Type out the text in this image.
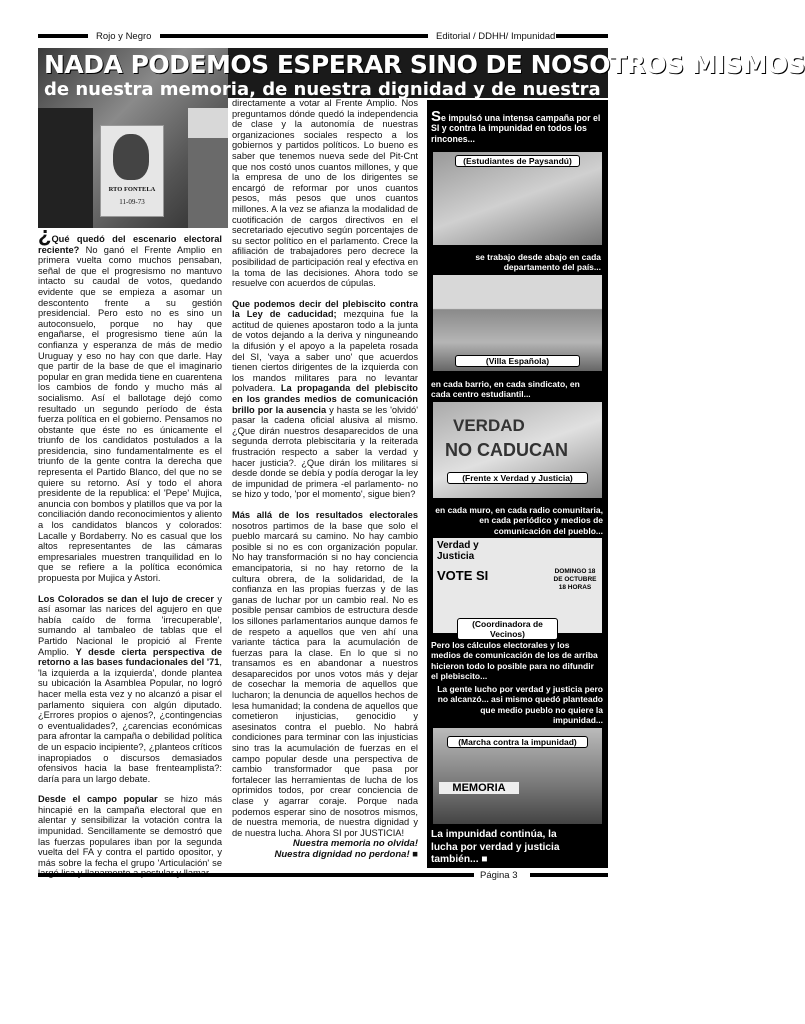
Rojo y Negro	Editorial / DDHH/ Impunidad
RTO FONTELA
11-09-73
NADA PODEMOS ESPERAR SINO DE NOSOTROS MISMOS
de nuestra memoria, de nuestra dignidad y de nuestra lucha

¿Qué quedó del escenario electoral reciente? No ganó el Frente Amplio en primera vuelta como muchos pensaban, señal de que el progresismo no mantuvo intacto su caudal de votos, quedando evidente que se empieza a asomar un descontento frente a su gestión presidencial. Pero esto no es sino un autoconsuelo, porque no hay que engañarse, el progresismo tiene aún la confianza y esperanza de más de medio Uruguay y eso no hay con que darle. Hay que partir de la base de que el imaginario popular en gran medida tiene en cuarentena los cambios de fondo y mucho más al socialismo. Así el ballotage dejó como resultado un segundo período de ésta fuerza política en el gobierno. Pensamos no obstante que éste no es únicamente el triunfo de los candidatos postulados a la presidencia, sino fundamentalmente es el triunfo de la gente contra la derecha que representa el Partido Blanco, del que no se quiere su retorno. Así y todo el ahora presidente de la republica: el 'Pepe' Mujica, anuncia con bombos y platillos que va por la conciliación dando reconocimientos y aliento a los candidatos blancos y colorados: Lacalle y Bordaberry. No es casual que los altos representantes de las cámaras empresariales muestren tranquilidad en lo que se refiere a la política económica propuesta por Mujica y Astori.

Los Colorados se dan el lujo de crecer y así asomar las narices del agujero en que había caído de forma 'irrecuperable', sumando al tambaleo de tablas que el Partido Nacional le propició al Frente Amplio. Y desde cierta perspectiva de retorno a las bases fundacionales del '71, 'la izquierda a la izquierda', donde plantea su ubicación la Asamblea Popular, no logró hacer mella esta vez y no alcanzó a pisar el parlamento siquiera con algún diputado. ¿Errores propios o ajenos?, ¿contingencias o eventualidades?, ¿carencias económicas para afrontar la campaña o debilidad política de un espacio incipiente?, ¿planteos críticos inapropiados o discursos demasiados ofensivos hacia la base frenteamplista?: daría para un largo debate.

Desde el campo popular se hizo más hincapié en la campaña electoral que en alentar y sensibilizar la votación contra la impunidad. Sencillamente se demostró que las fuerzas populares iban por la segunda vuelta del FA y contra el partido opositor, y más sobre la fecha el grupo 'Articulación' se

directamente a votar al Frente Amplio. Nos preguntamos dónde quedó la independencia de clase y la autonomía de nuestras organizaciones sociales respecto a los gobiernos y partidos políticos. Lo bueno es saber que tenemos nueva sede del Pit-Cnt que nos costó unos cuantos millones, y que la empresa de uno de los dirigentes se encargó de reformar por unos cuantos pesos, más pesos que unos cuantos millones. A la vez se afianza la modalidad de cuotificación de cargos directivos en el secretariado ejecutivo según porcentajes de su sector político en el parlamento. Crece la afiliación de trabajadores pero decrece la posibilidad de participación real y efectiva en la toma de las decisiones. Ahora todo se resuelve con acuerdos de cúpulas.

Que podemos decir del plebiscito contra la Ley de caducidad; mezquina fue la actitud de quienes apostaron todo a la junta de votos dejando a la deriva y ninguneando la difusión y el apoyo a la papeleta rosada del SI, 'vaya a saber uno' que acuerdos tienen ciertos dirigentes de la izquierda con los mandos militares para no levantar polvadera. La propaganda del plebiscito en los grandes medios de comunicación brillo por la ausencia y hasta se les 'olvidó' pasar la cadena oficial alusiva al mismo. ¿Que dirán nuestros desaparecidos de una segunda derrota plebiscitaria y la reiterada frustración respecto a saber la verdad y hacer justicia?. ¿Que dirán los militares si desde donde se debía y podía derogar la ley de impunidad de primera -el parlamento- no se hizo y todo, 'por el momento', sigue bien?

Más allá de los resultados electorales nosotros partimos de la base que solo el pueblo marcará su camino. No hay cambio posible si no es con organización popular. No hay transformación si no hay conciencia emancipatoria, si no hay retorno de la cultura obrera, de la solidaridad, de la confianza en las propias fuerzas y de las ganas de luchar por un cambio real. No es posible pensar cambios de estructura desde los sillones parlamentarios aunque damos fe de respeto a aquellos que ven ahí una variante táctica para la acumulación de fuerzas para la clase. En lo que si no transamos es en abandonar a nuestros desaparecidos por unos votos más y dejar de cosechar la memoria de aquellos que lucharon; la denuncia de aquellos hechos de lesa humanidad; la condena de aquellos que cometieron injusticias, genocidio y asesinatos contra el pueblo. No habrá condiciones para terminar con las injusticias sino tras la acumulación de fuerzas en el campo popular desde una perspectiva de cambio transformador que pasa por fortalecer las herramientas de lucha de los oprimidos todos, por crear conciencia de clase y agarrar coraje. Porque nada podemos esperar sino de nosotros mismos, de nuestra memoria, de nuestra dignidad y de nuestra lucha. Ahora SI por JUSTICIA!

Nuestra memoria no olvida!
Nuestra dignidad no perdona! ■
Se impulsó una intensa campaña por el SI y contra la impunidad en todos los rincones...
(Estudiantes de Paysandú)
se trabajo desde abajo en cada departamento del país...
(Villa Española)
en cada barrio, en cada sindicato, en cada centro estudiantil...
VERDAD
NO CADUCAN
(Frente x Verdad y Justicia)
en cada muro, en cada radio comunitaria, en cada periódico y medios de comunicación del pueblo...
Verdad y Justicia
VOTE SI	DOMINGO 18 DE OCTUBRE 18 HORAS
(Coordinadora de Vecinos)
Pero los cálculos electorales y los medios de comunicación de los de arriba hicieron todo lo posible para no difundir el plebiscito...
La gente lucho por verdad y justicia pero no alcanzó... asi mismo quedó planteado que medio pueblo no quiere la impunidad...
(Marcha contra la impunidad)
MEMORIA
La impunidad continúa, la lucha por verdad y justicia también... ■
Página 3
